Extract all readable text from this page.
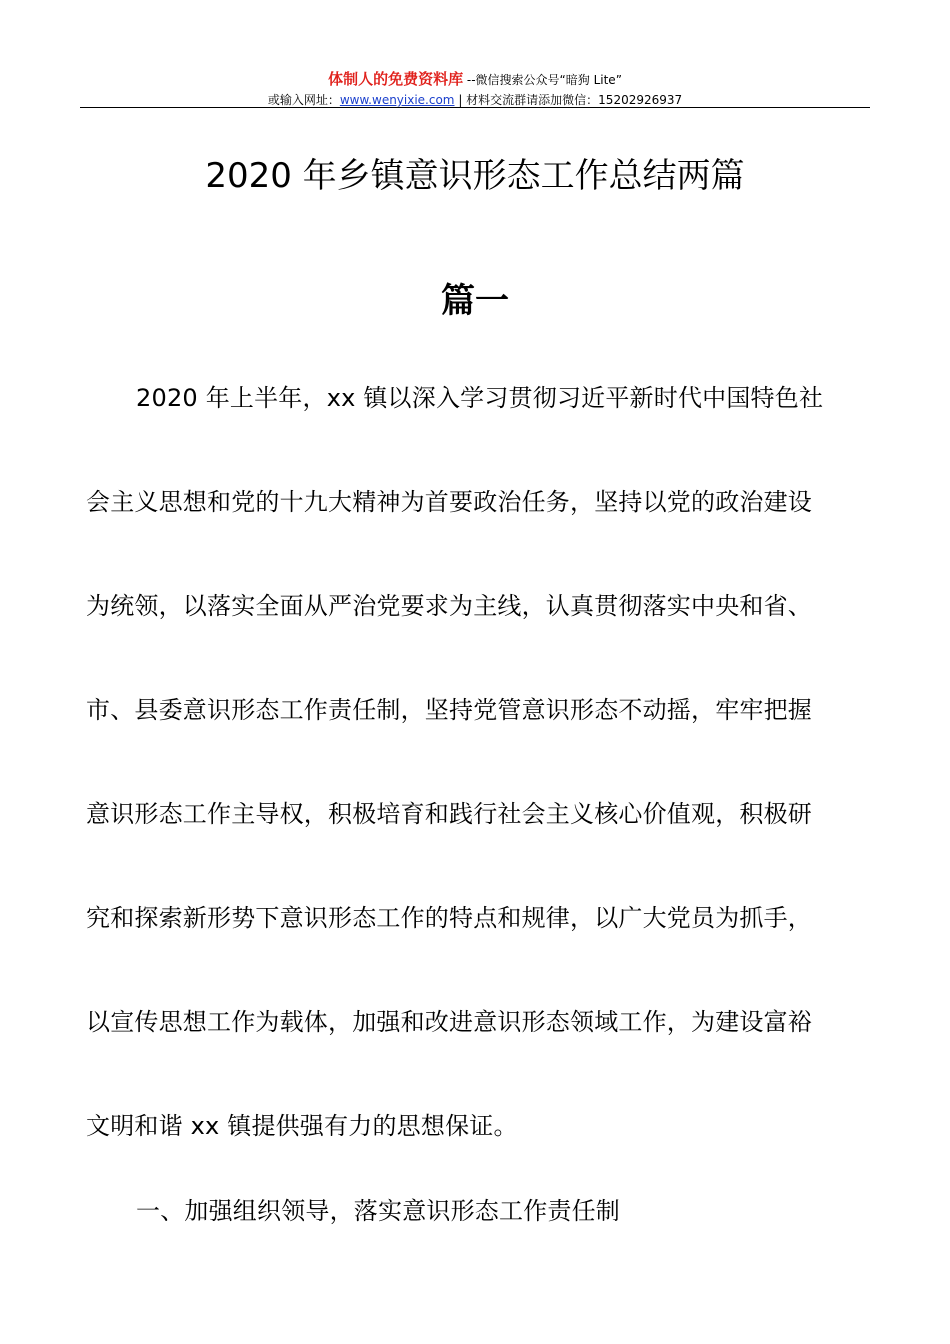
体制人的免费资料库 --微信搜索公众号“暗狗 Lite”
或输入网址：www.wenyixie.com | 材料交流群请添加微信：15202926937
2020 年乡镇意识形态工作总结两篇
篇一
2020 年上半年，xx 镇以深入学习贯彻习近平新时代中国特色社
会主义思想和党的十九大精神为首要政治任务，坚持以党的政治建设
为统领，以落实全面从严治党要求为主线，认真贯彻落实中央和省、
市、县委意识形态工作责任制，坚持党管意识形态不动摇，牢牢把握
意识形态工作主导权，积极培育和践行社会主义核心价值观，积极研
究和探索新形势下意识形态工作的特点和规律，以广大党员为抓手，
以宣传思想工作为载体，加强和改进意识形态领域工作，为建设富裕
文明和谐 xx 镇提供强有力的思想保证。
一、加强组织领导，落实意识形态工作责任制
